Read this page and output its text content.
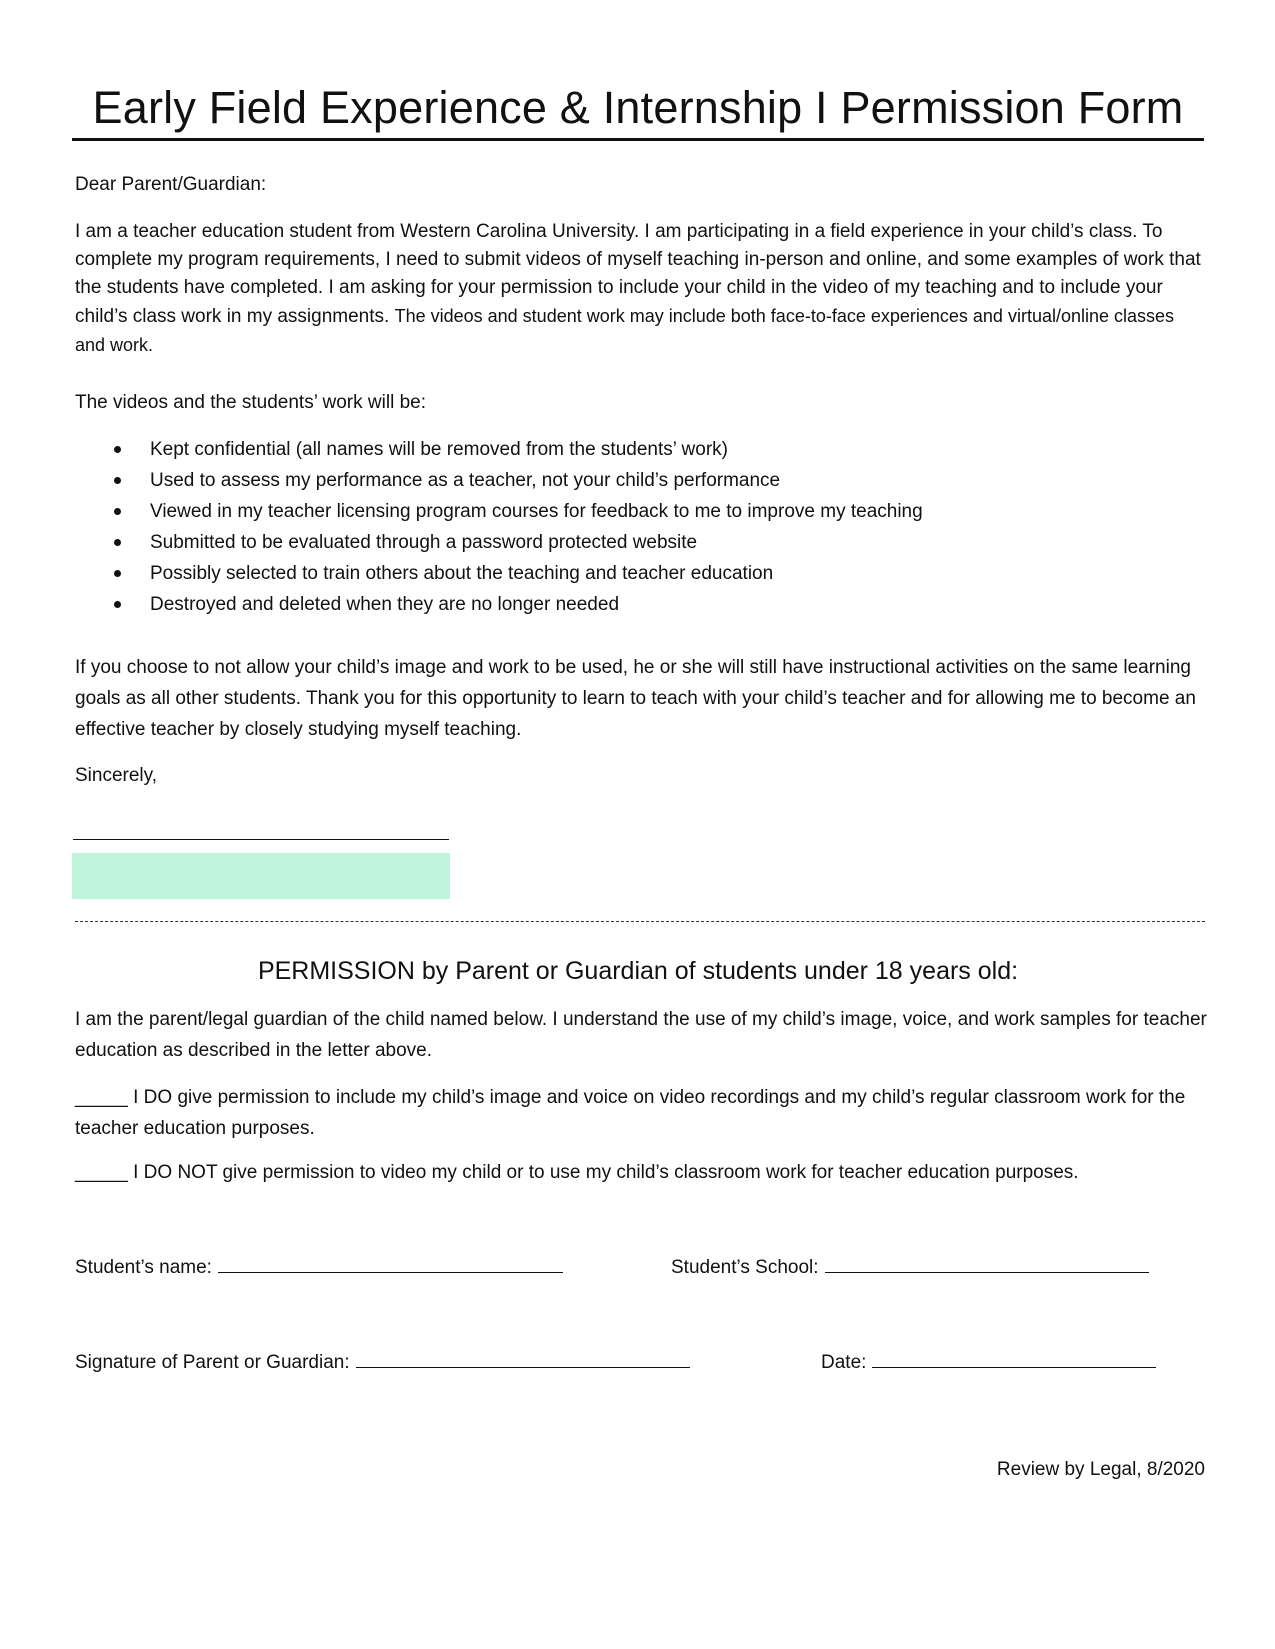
Early Field Experience & Internship I Permission Form

Dear Parent/Guardian:

I am a teacher education student from Western Carolina University. I am participating in a field experience in your child’s class. To complete my program requirements, I need to submit videos of myself teaching in-person and online, and some examples of work that the students have completed. I am asking for your permission to include your child in the video of my teaching and to include your child’s class work in my assignments. The videos and student work may include both face-to-face experiences and virtual/online classes and work.

The videos and the students’ work will be:

Kept confidential (all names will be removed from the students’ work)
Used to assess my performance as a teacher, not your child’s performance
Viewed in my teacher licensing program courses for feedback to me to improve my teaching
Submitted to be evaluated through a password protected website
Possibly selected to train others about the teaching and teacher education
Destroyed and deleted when they are no longer needed

If you choose to not allow your child’s image and work to be used, he or she will still have instructional activities on the same learning goals as all other students. Thank you for this opportunity to learn to teach with your child’s teacher and for allowing me to become an effective teacher by closely studying myself teaching.

Sincerely,

PERMISSION by Parent or Guardian of students under 18 years old:

I am the parent/legal guardian of the child named below. I understand the use of my child’s image, voice, and work samples for teacher education as described in the letter above.

_____ I DO give permission to include my child’s image and voice on video recordings and my child’s regular classroom work for the teacher education purposes.

_____ I DO NOT give permission to video my child or to use my child’s classroom work for teacher education purposes.

Student’s name:	Student’s School:
Signature of Parent or Guardian:	Date:
Review by Legal, 8/2020
